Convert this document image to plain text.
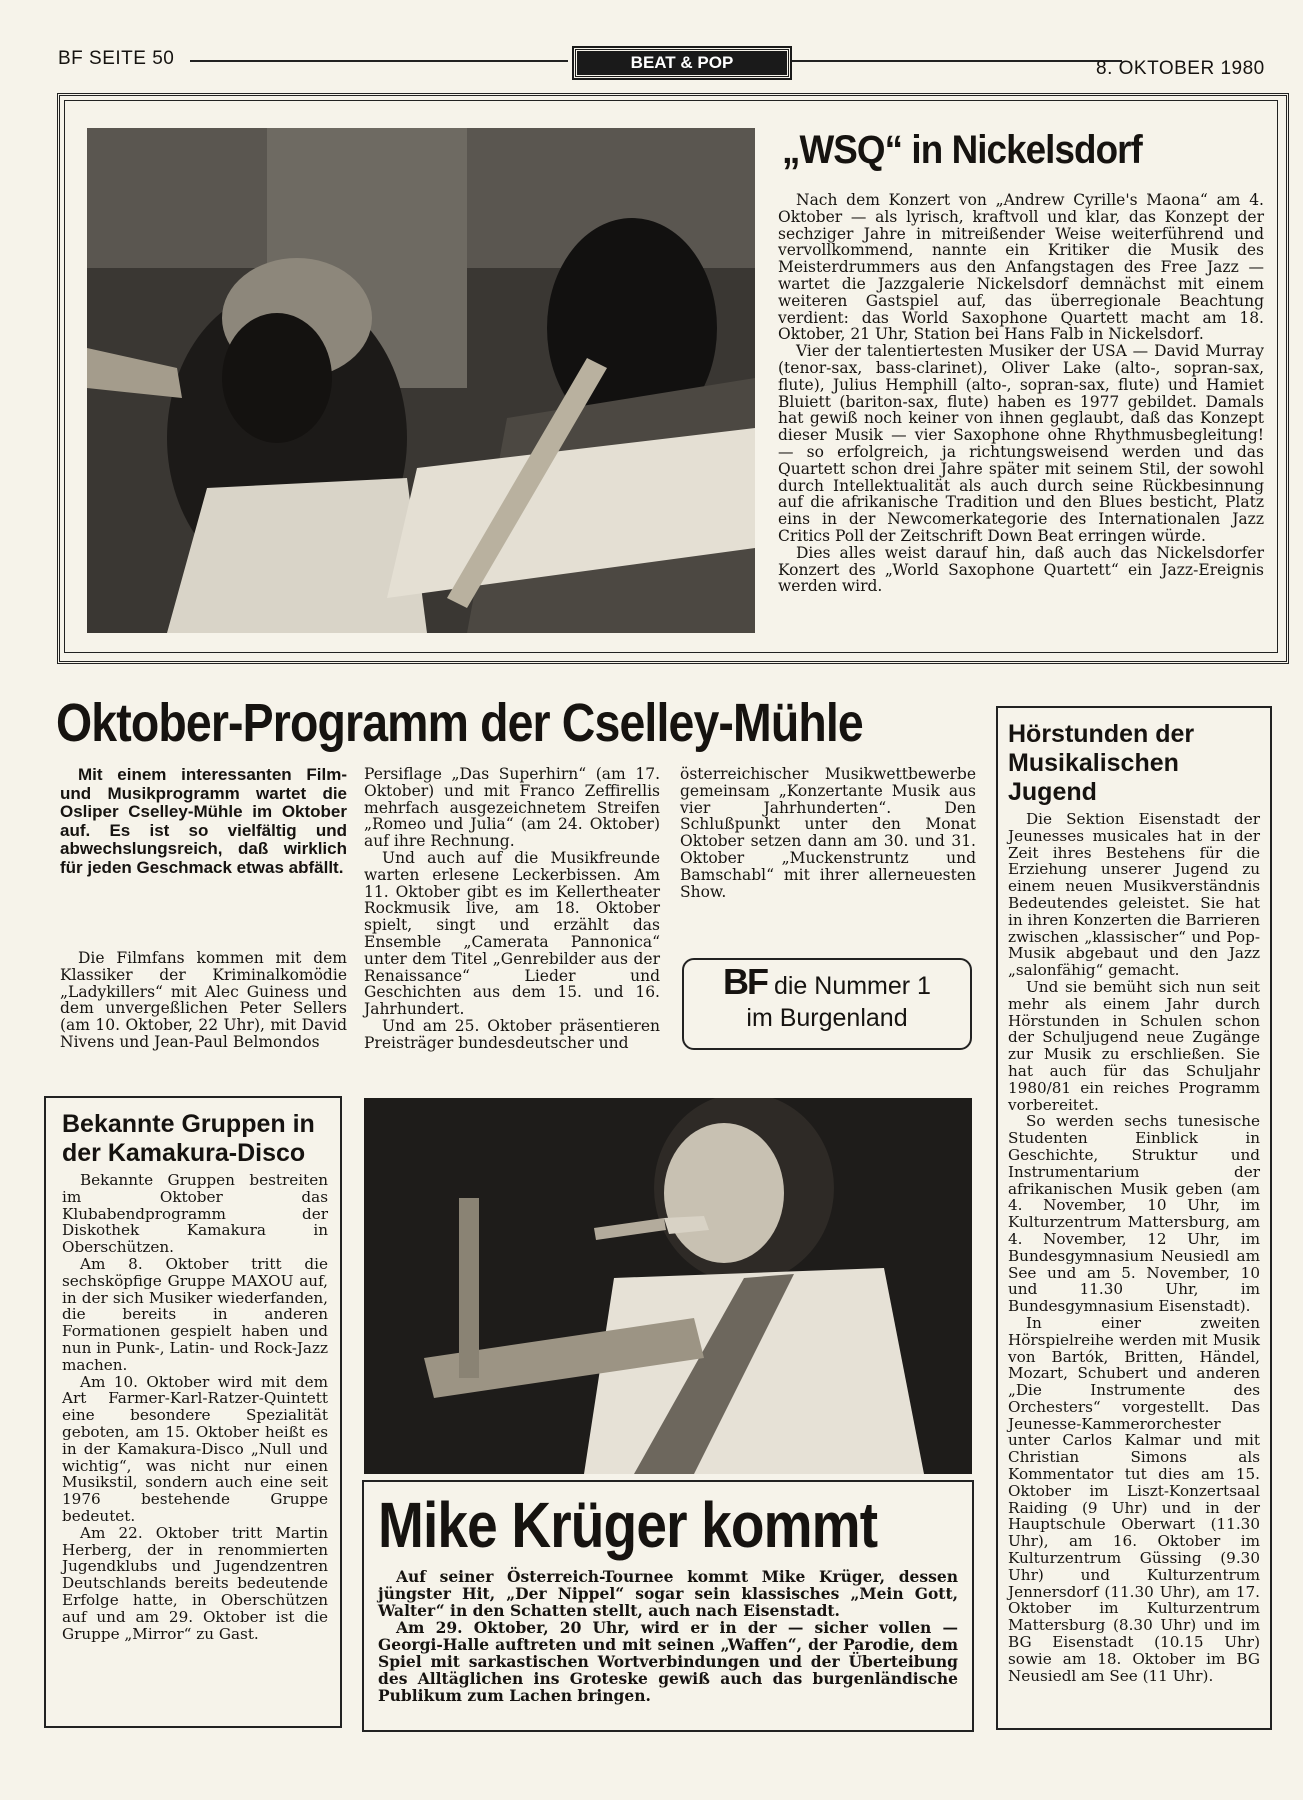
BF SEITE 50	BEAT & POP	8. OKTOBER 1980
„WSQ“ in Nickelsdorf

Nach dem Konzert von „Andrew Cyrille's Maona“ am 4. Oktober — als lyrisch, kraftvoll und klar, das Konzept der sechziger Jahre in mitreißender Weise weiterführend und vervollkommend, nannte ein Kritiker die Musik des Meisterdrummers aus den Anfangstagen des Free Jazz — wartet die Jazzgalerie Nickelsdorf demnächst mit einem weiteren Gastspiel auf, das überregionale Beachtung verdient: das World Saxophone Quartett macht am 18. Oktober, 21 Uhr, Station bei Hans Falb in Nickelsdorf.

Vier der talentiertesten Musiker der USA — David Murray (tenor-sax, bass-clarinet), Oliver Lake (alto-, sopran-sax, flute), Julius Hemphill (alto-, sopran-sax, flute) und Hamiet Bluiett (bariton-sax, flute) haben es 1977 gebildet. Damals hat gewiß noch keiner von ihnen geglaubt, daß das Konzept dieser Musik — vier Saxophone ohne Rhythmusbegleitung! — so erfolgreich, ja richtungsweisend werden und das Quartett schon drei Jahre später mit seinem Stil, der sowohl durch Intellektualität als auch durch seine Rückbesinnung auf die afrikanische Tradition und den Blues besticht, Platz eins in der Newcomerkategorie des Internationalen Jazz Critics Poll der Zeitschrift Down Beat erringen würde.

Dies alles weist darauf hin, daß auch das Nickelsdorfer Konzert des „World Saxophone Quartett“ ein Jazz-Ereignis werden wird.

Oktober-Programm der Cselley-Mühle
Mit einem interessanten Film- und Musikprogramm wartet die Osliper Cselley-Mühle im Oktober auf. Es ist so vielfältig und abwechslungsreich, daß wirklich für jeden Geschmack etwas abfällt.

Die Filmfans kommen mit dem Klassiker der Kriminalkomödie „Ladykillers“ mit Alec Guiness und dem unvergeßlichen Peter Sellers (am 10. Oktober, 22 Uhr), mit David Nivens und Jean-Paul Belmondos

Persiflage „Das Superhirn“ (am 17. Oktober) und mit Franco Zeffirellis mehrfach ausgezeichnetem Streifen „Romeo und Julia“ (am 24. Oktober) auf ihre Rechnung.

Und auch auf die Musikfreunde warten erlesene Leckerbissen. Am 11. Oktober gibt es im Kellertheater Rockmusik live, am 18. Oktober spielt, singt und erzählt das Ensemble „Camerata Pannonica“ unter dem Titel „Genrebilder aus der Renaissance“ Lieder und Geschichten aus dem 15. und 16. Jahrhundert.

Und am 25. Oktober präsentieren Preisträger bundesdeutscher und

österreichischer Musikwettbewerbe gemeinsam „Konzertante Musik aus vier Jahrhunderten“. Den Schlußpunkt unter den Monat Oktober setzen dann am 30. und 31. Oktober „Muckenstruntz und Bamschabl“ mit ihrer allerneuesten Show.

BF die Nummer 1
im Burgenland
Hörstunden der Musikalischen Jugend

Die Sektion Eisenstadt der Jeunesses musicales hat in der Zeit ihres Bestehens für die Erziehung unserer Jugend zu einem neuen Musikverständnis Bedeutendes geleistet. Sie hat in ihren Konzerten die Barrieren zwischen „klassischer“ und Pop-Musik abgebaut und den Jazz „salonfähig“ gemacht.

Und sie bemüht sich nun seit mehr als einem Jahr durch Hörstunden in Schulen schon der Schuljugend neue Zugänge zur Musik zu erschließen. Sie hat auch für das Schuljahr 1980/81 ein reiches Programm vorbereitet.

So werden sechs tunesische Studenten Einblick in Geschichte, Struktur und Instrumentarium der afrikanischen Musik geben (am 4. November, 10 Uhr, im Kulturzentrum Mattersburg, am 4. November, 12 Uhr, im Bundesgymnasium Neusiedl am See und am 5. November, 10 und 11.30 Uhr, im Bundesgymnasium Eisenstadt).

In einer zweiten Hörspielreihe werden mit Musik von Bartók, Britten, Händel, Mozart, Schubert und anderen „Die Instrumente des Orchesters“ vorgestellt. Das Jeunesse-Kammerorchester unter Carlos Kalmar und mit Christian Simons als Kommentator tut dies am 15. Oktober im Liszt-Konzertsaal Raiding (9 Uhr) und in der Hauptschule Oberwart (11.30 Uhr), am 16. Oktober im Kulturzentrum Güssing (9.30 Uhr) und Kulturzentrum Jennersdorf (11.30 Uhr), am 17. Oktober im Kulturzentrum Mattersburg (8.30 Uhr) und im BG Eisenstadt (10.15 Uhr) sowie am 18. Oktober im BG Neusiedl am See (11 Uhr).

Bekannte Gruppen in der Kamakura-Disco

Bekannte Gruppen bestreiten im Oktober das Klubabendprogramm der Diskothek Kamakura in Oberschützen.

Am 8. Oktober tritt die sechsköpfige Gruppe MAXOU auf, in der sich Musiker wiederfanden, die bereits in anderen Formationen gespielt haben und nun in Punk-, Latin- und Rock-Jazz machen.

Am 10. Oktober wird mit dem Art Farmer-Karl-Ratzer-Quintett eine besondere Spezialität geboten, am 15. Oktober heißt es in der Kamakura-Disco „Null und wichtig“, was nicht nur einen Musikstil, sondern auch eine seit 1976 bestehende Gruppe bedeutet.

Am 22. Oktober tritt Martin Herberg, der in renommierten Jugendklubs und Jugendzentren Deutschlands bereits bedeutende Erfolge hatte, in Oberschützen auf und am 29. Oktober ist die Gruppe „Mirror“ zu Gast.

Mike Krüger kommt

Auf seiner Österreich-Tournee kommt Mike Krüger, dessen jüngster Hit, „Der Nippel“ sogar sein klassisches „Mein Gott, Walter“ in den Schatten stellt, auch nach Eisenstadt.

Am 29. Oktober, 20 Uhr, wird er in der — sicher vollen — Georgi-Halle auftreten und mit seinen „Waffen“, der Parodie, dem Spiel mit sarkastischen Wortverbindungen und der Überteibung des Alltäglichen ins Groteske gewiß auch das burgenländische Publikum zum Lachen bringen.
